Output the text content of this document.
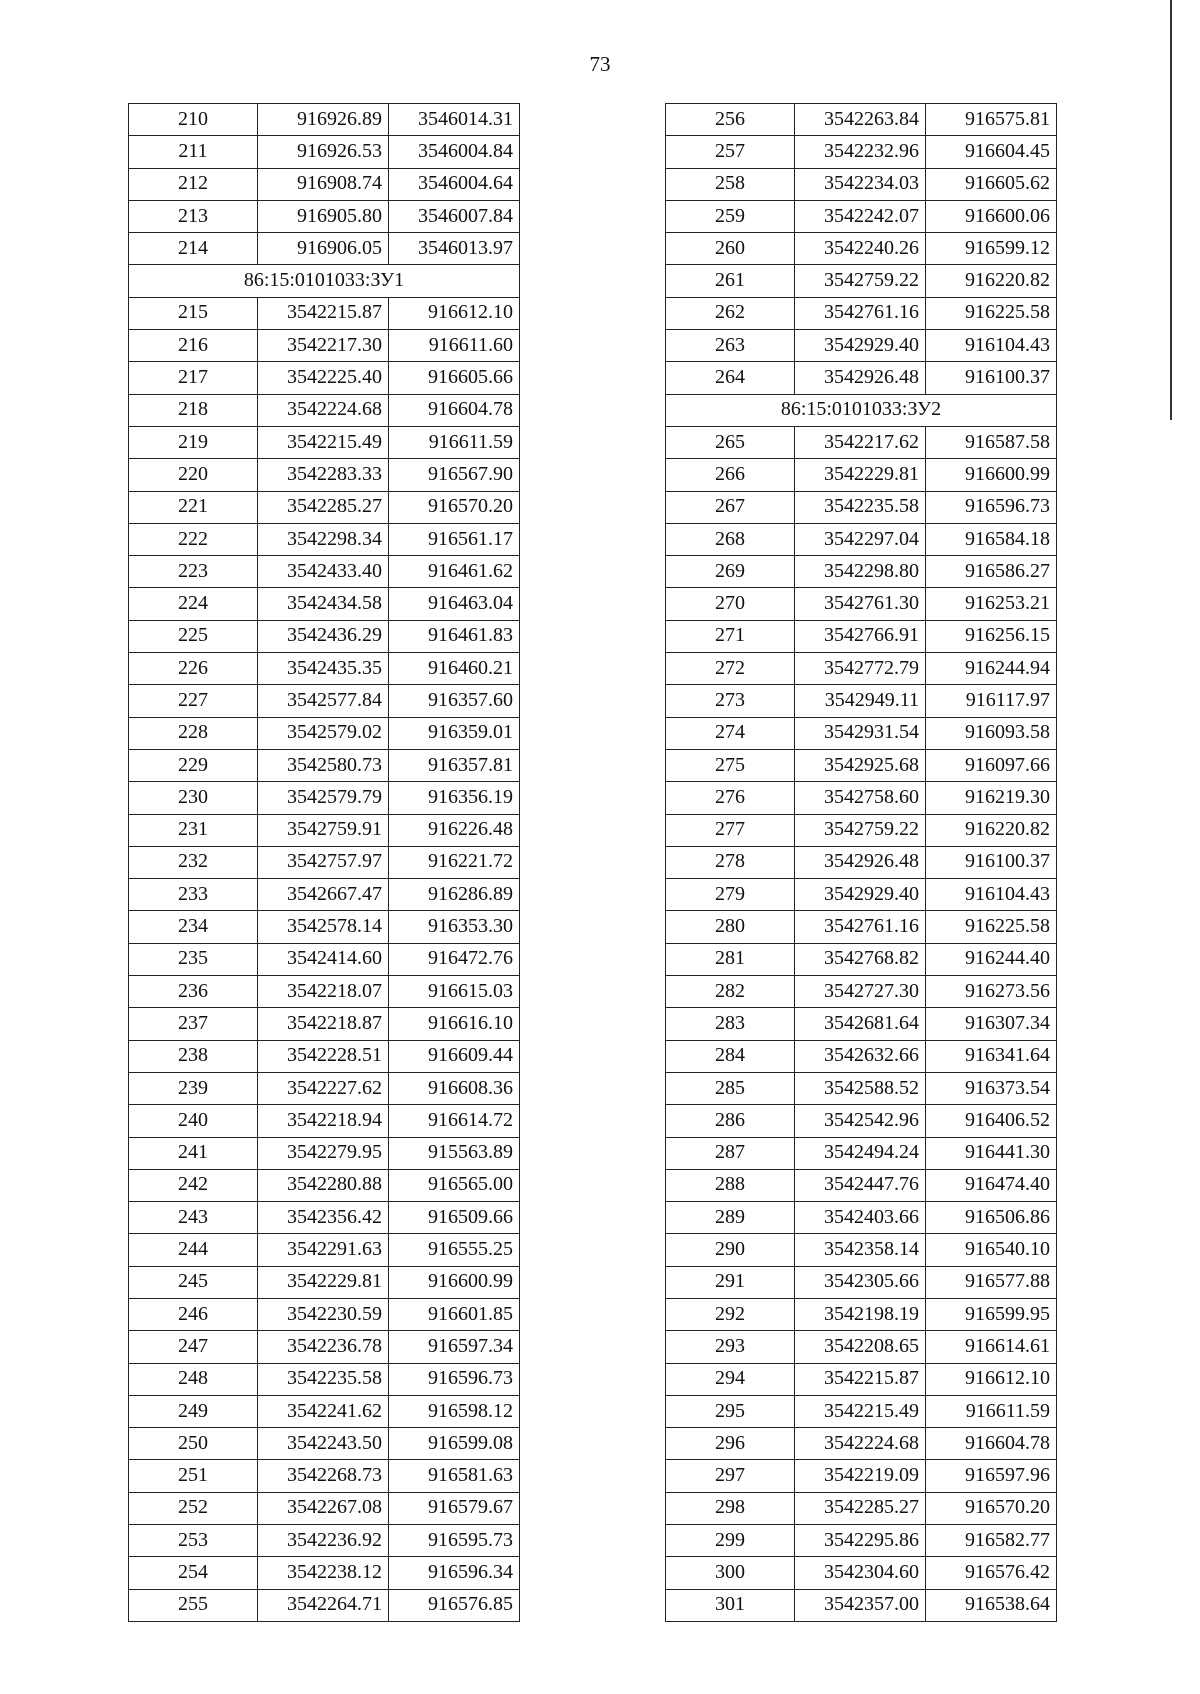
73
210	916926.89	3546014.31
211	916926.53	3546004.84
212	916908.74	3546004.64
213	916905.80	3546007.84
214	916906.05	3546013.97
86:15:0101033:ЗУ1		
215	3542215.87	916612.10
216	3542217.30	916611.60
217	3542225.40	916605.66
218	3542224.68	916604.78
219	3542215.49	916611.59
220	3542283.33	916567.90
221	3542285.27	916570.20
222	3542298.34	916561.17
223	3542433.40	916461.62
224	3542434.58	916463.04
225	3542436.29	916461.83
226	3542435.35	916460.21
227	3542577.84	916357.60
228	3542579.02	916359.01
229	3542580.73	916357.81
230	3542579.79	916356.19
231	3542759.91	916226.48
232	3542757.97	916221.72
233	3542667.47	916286.89
234	3542578.14	916353.30
235	3542414.60	916472.76
236	3542218.07	916615.03
237	3542218.87	916616.10
238	3542228.51	916609.44
239	3542227.62	916608.36
240	3542218.94	916614.72
241	3542279.95	915563.89
242	3542280.88	916565.00
243	3542356.42	916509.66
244	3542291.63	916555.25
245	3542229.81	916600.99
246	3542230.59	916601.85
247	3542236.78	916597.34
248	3542235.58	916596.73
249	3542241.62	916598.12
250	3542243.50	916599.08
251	3542268.73	916581.63
252	3542267.08	916579.67
253	3542236.92	916595.73
254	3542238.12	916596.34
255	3542264.71	916576.85
256	3542263.84	916575.81
257	3542232.96	916604.45
258	3542234.03	916605.62
259	3542242.07	916600.06
260	3542240.26	916599.12
261	3542759.22	916220.82
262	3542761.16	916225.58
263	3542929.40	916104.43
264	3542926.48	916100.37
86:15:0101033:ЗУ2		
265	3542217.62	916587.58
266	3542229.81	916600.99
267	3542235.58	916596.73
268	3542297.04	916584.18
269	3542298.80	916586.27
270	3542761.30	916253.21
271	3542766.91	916256.15
272	3542772.79	916244.94
273	3542949.11	916117.97
274	3542931.54	916093.58
275	3542925.68	916097.66
276	3542758.60	916219.30
277	3542759.22	916220.82
278	3542926.48	916100.37
279	3542929.40	916104.43
280	3542761.16	916225.58
281	3542768.82	916244.40
282	3542727.30	916273.56
283	3542681.64	916307.34
284	3542632.66	916341.64
285	3542588.52	916373.54
286	3542542.96	916406.52
287	3542494.24	916441.30
288	3542447.76	916474.40
289	3542403.66	916506.86
290	3542358.14	916540.10
291	3542305.66	916577.88
292	3542198.19	916599.95
293	3542208.65	916614.61
294	3542215.87	916612.10
295	3542215.49	916611.59
296	3542224.68	916604.78
297	3542219.09	916597.96
298	3542285.27	916570.20
299	3542295.86	916582.77
300	3542304.60	916576.42
301	3542357.00	916538.64
